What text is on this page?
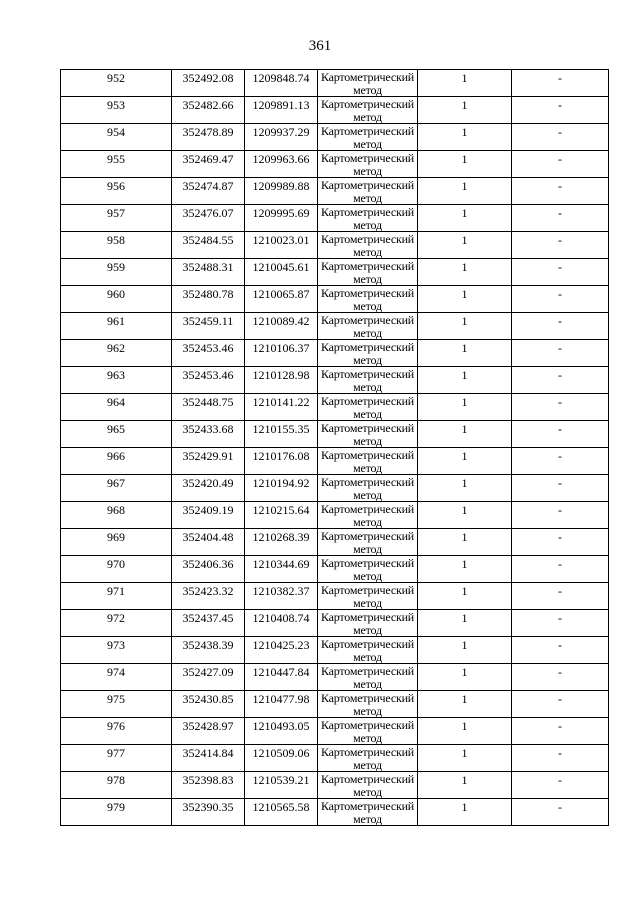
361
952	352492.08	1209848.74	Картометрический метод	1	-
953	352482.66	1209891.13	Картометрический метод	1	-
954	352478.89	1209937.29	Картометрический метод	1	-
955	352469.47	1209963.66	Картометрический метод	1	-
956	352474.87	1209989.88	Картометрический метод	1	-
957	352476.07	1209995.69	Картометрический метод	1	-
958	352484.55	1210023.01	Картометрический метод	1	-
959	352488.31	1210045.61	Картометрический метод	1	-
960	352480.78	1210065.87	Картометрический метод	1	-
961	352459.11	1210089.42	Картометрический метод	1	-
962	352453.46	1210106.37	Картометрический метод	1	-
963	352453.46	1210128.98	Картометрический метод	1	-
964	352448.75	1210141.22	Картометрический метод	1	-
965	352433.68	1210155.35	Картометрический метод	1	-
966	352429.91	1210176.08	Картометрический метод	1	-
967	352420.49	1210194.92	Картометрический метод	1	-
968	352409.19	1210215.64	Картометрический метод	1	-
969	352404.48	1210268.39	Картометрический метод	1	-
970	352406.36	1210344.69	Картометрический метод	1	-
971	352423.32	1210382.37	Картометрический метод	1	-
972	352437.45	1210408.74	Картометрический метод	1	-
973	352438.39	1210425.23	Картометрический метод	1	-
974	352427.09	1210447.84	Картометрический метод	1	-
975	352430.85	1210477.98	Картометрический метод	1	-
976	352428.97	1210493.05	Картометрический метод	1	-
977	352414.84	1210509.06	Картометрический метод	1	-
978	352398.83	1210539.21	Картометрический метод	1	-
979	352390.35	1210565.58	Картометрический метод	1	-
